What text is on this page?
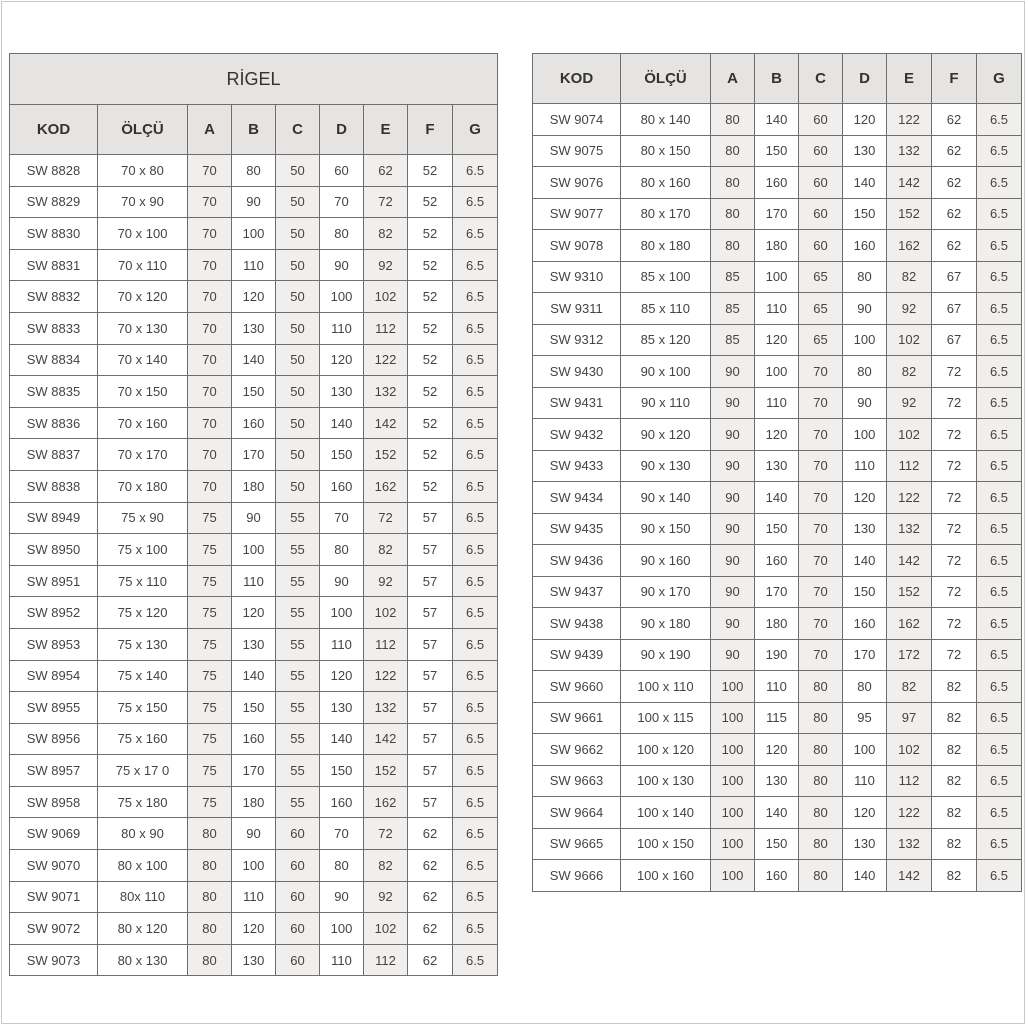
RİGEL								
KOD	ÖLÇÜ	A	B	C	D	E	F	G
SW 8828	70 x 80	70	80	50	60	62	52	6.5
SW 8829	70 x 90	70	90	50	70	72	52	6.5
SW 8830	70 x 100	70	100	50	80	82	52	6.5
SW 8831	70 x 110	70	110	50	90	92	52	6.5
SW 8832	70 x 120	70	120	50	100	102	52	6.5
SW 8833	70 x 130	70	130	50	110	112	52	6.5
SW 8834	70 x 140	70	140	50	120	122	52	6.5
SW 8835	70 x 150	70	150	50	130	132	52	6.5
SW 8836	70 x 160	70	160	50	140	142	52	6.5
SW 8837	70 x 170	70	170	50	150	152	52	6.5
SW 8838	70 x 180	70	180	50	160	162	52	6.5
SW 8949	75 x 90	75	90	55	70	72	57	6.5
SW 8950	75 x 100	75	100	55	80	82	57	6.5
SW 8951	75 x 110	75	110	55	90	92	57	6.5
SW 8952	75 x 120	75	120	55	100	102	57	6.5
SW 8953	75 x 130	75	130	55	110	112	57	6.5
SW 8954	75 x 140	75	140	55	120	122	57	6.5
SW 8955	75 x 150	75	150	55	130	132	57	6.5
SW 8956	75 x 160	75	160	55	140	142	57	6.5
SW 8957	75 x 17 0	75	170	55	150	152	57	6.5
SW 8958	75 x 180	75	180	55	160	162	57	6.5
SW 9069	80 x 90	80	90	60	70	72	62	6.5
SW 9070	80 x 100	80	100	60	80	82	62	6.5
SW 9071	80x 110	80	110	60	90	92	62	6.5
SW 9072	80 x 120	80	120	60	100	102	62	6.5
SW 9073	80 x 130	80	130	60	110	112	62	6.5
KOD	ÖLÇÜ	A	B	C	D	E	F	G
SW 9074	80 x 140	80	140	60	120	122	62	6.5
SW 9075	80 x 150	80	150	60	130	132	62	6.5
SW 9076	80 x 160	80	160	60	140	142	62	6.5
SW 9077	80 x 170	80	170	60	150	152	62	6.5
SW 9078	80 x 180	80	180	60	160	162	62	6.5
SW 9310	85 x 100	85	100	65	80	82	67	6.5
SW 9311	85 x 110	85	110	65	90	92	67	6.5
SW 9312	85 x 120	85	120	65	100	102	67	6.5
SW 9430	90 x 100	90	100	70	80	82	72	6.5
SW 9431	90 x 110	90	110	70	90	92	72	6.5
SW 9432	90 x 120	90	120	70	100	102	72	6.5
SW 9433	90 x 130	90	130	70	110	112	72	6.5
SW 9434	90 x 140	90	140	70	120	122	72	6.5
SW 9435	90 x 150	90	150	70	130	132	72	6.5
SW 9436	90 x 160	90	160	70	140	142	72	6.5
SW 9437	90 x 170	90	170	70	150	152	72	6.5
SW 9438	90 x 180	90	180	70	160	162	72	6.5
SW 9439	90 x 190	90	190	70	170	172	72	6.5
SW 9660	100 x 110	100	110	80	80	82	82	6.5
SW 9661	100 x 115	100	115	80	95	97	82	6.5
SW 9662	100 x 120	100	120	80	100	102	82	6.5
SW 9663	100 x 130	100	130	80	110	112	82	6.5
SW 9664	100 x 140	100	140	80	120	122	82	6.5
SW 9665	100 x 150	100	150	80	130	132	82	6.5
SW 9666	100 x 160	100	160	80	140	142	82	6.5
